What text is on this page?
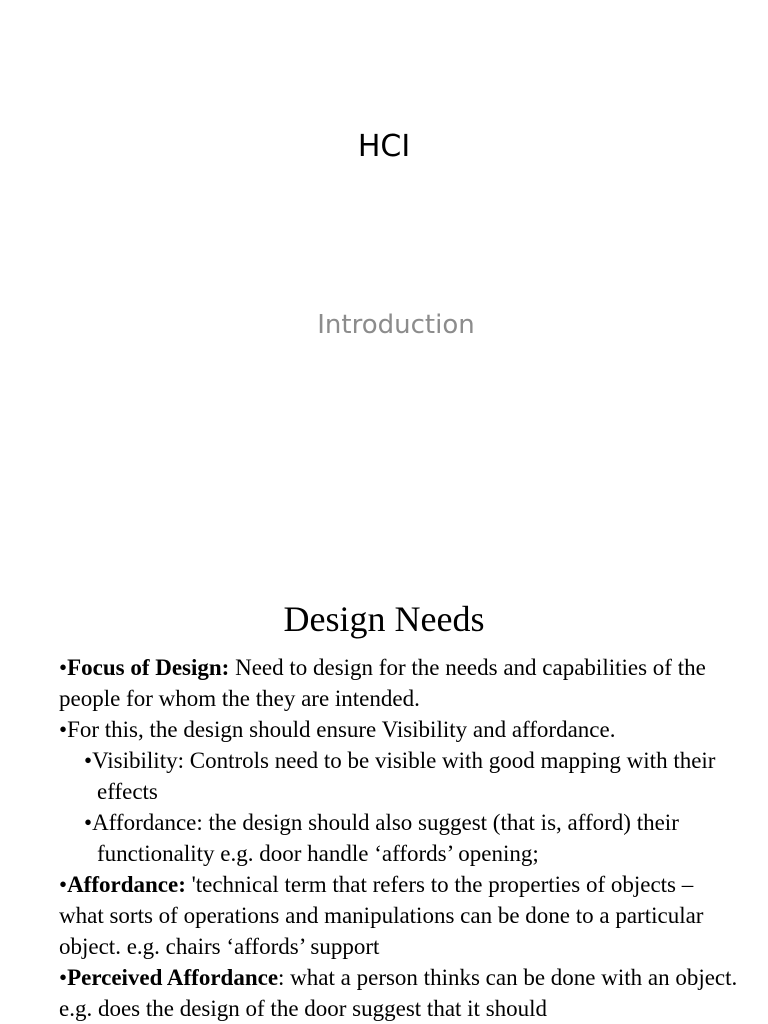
HCI
Introduction
Design Needs

•Focus of Design: Need to design for the needs and capabilities of the people for whom the they are intended.

•For this, the design should ensure Visibility and affordance.

•Visibility: Controls need to be visible with good mapping with their effects

•Affordance: the design should also suggest (that is, afford) their functionality e.g. door handle ‘affords’ opening;

•Affordance: 'technical term that refers to the properties of objects – what sorts of operations and manipulations can be done to a particular object. e.g. chairs ‘affords’ support

•Perceived Affordance: what a person thinks can be done with an object. e.g. does the design of the door suggest that it should
